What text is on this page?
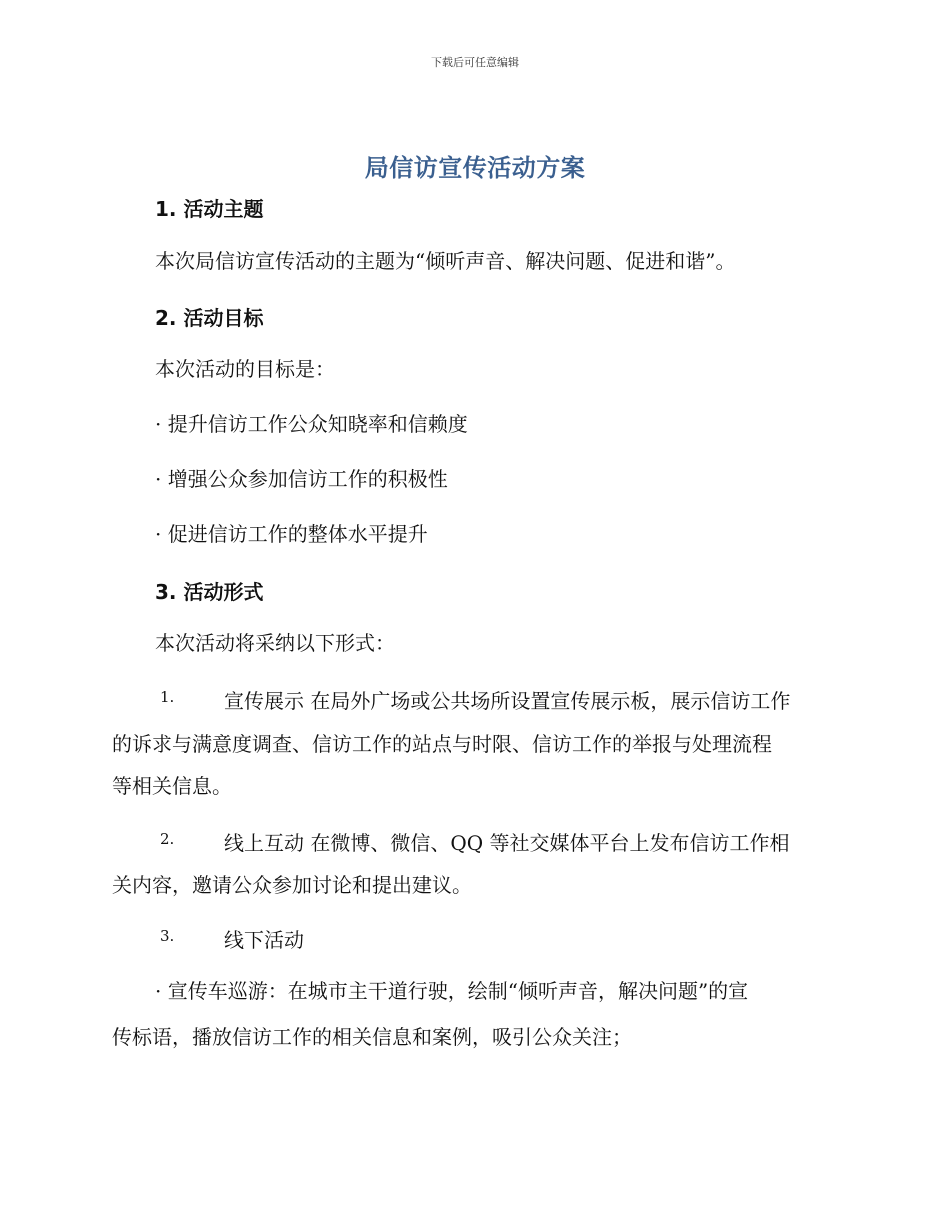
下载后可任意编辑
局信访宣传活动方案
1. 活动主题
本次局信访宣传活动的主题为“倾听声音、解决问题、促进和谐”。
2. 活动目标
本次活动的目标是：
· 提升信访工作公众知晓率和信赖度
· 增强公众参加信访工作的积极性
· 促进信访工作的整体水平提升
3. 活动形式
本次活动将采纳以下形式：
1. 宣传展示 在局外广场或公共场所设置宣传展示板，展示信访工作
的诉求与满意度调查、信访工作的站点与时限、信访工作的举报与处理流程
等相关信息。
2. 线上互动 在微博、微信、QQ 等社交媒体平台上发布信访工作相
关内容，邀请公众参加讨论和提出建议。
3. 线下活动
· 宣传车巡游：在城市主干道行驶，绘制“倾听声音，解决问题”的宣
传标语，播放信访工作的相关信息和案例，吸引公众关注；
